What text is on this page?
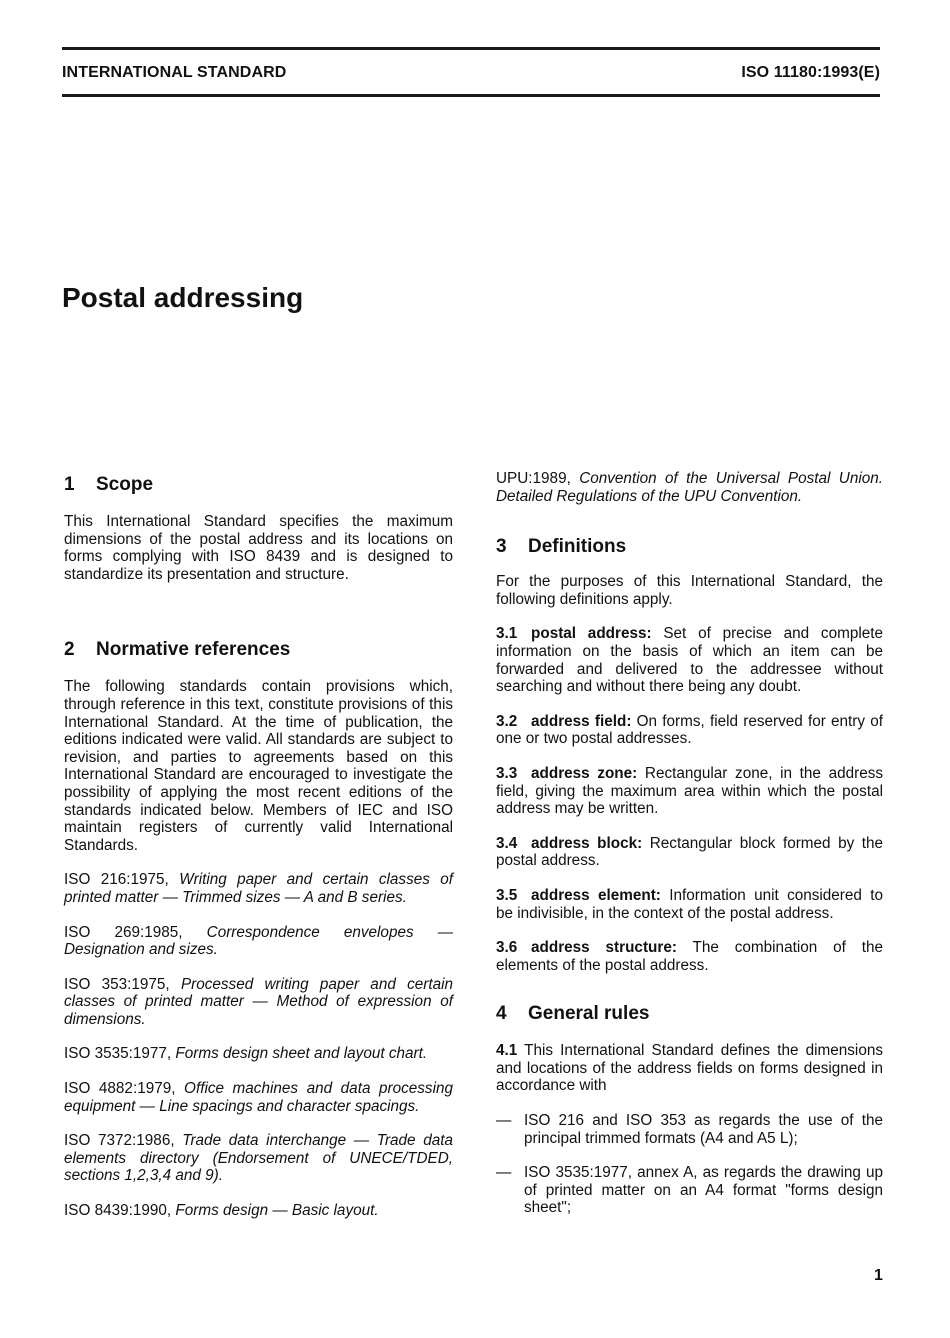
INTERNATIONAL STANDARD	ISO 11180:1993(E)
Postal addressing
1 Scope

This International Standard specifies the maximum dimensions of the postal address and its locations on forms complying with ISO 8439 and is designed to standardize its presentation and structure.

2 Normative references

The following standards contain provisions which, through reference in this text, constitute provisions of this International Standard. At the time of publication, the editions indicated were valid. All standards are subject to revision, and parties to agreements based on this International Standard are encouraged to investigate the possibility of applying the most recent editions of the standards indicated below. Members of IEC and ISO maintain registers of currently valid International Standards.

ISO 216:1975, Writing paper and certain classes of printed matter — Trimmed sizes — A and B series.

ISO 269:1985, Correspondence envelopes — Designation and sizes.

ISO 353:1975, Processed writing paper and certain classes of printed matter — Method of expression of dimensions.

ISO 3535:1977, Forms design sheet and layout chart.

ISO 4882:1979, Office machines and data processing equipment — Line spacings and character spacings.

ISO 7372:1986, Trade data interchange — Trade data elements directory (Endorsement of UNECE/TDED, sections 1,2,3,4 and 9).

ISO 8439:1990, Forms design — Basic layout.

UPU:1989, Convention of the Universal Postal Union. Detailed Regulations of the UPU Convention.

3 Definitions

For the purposes of this International Standard, the following definitions apply.

3.1 postal address: Set of precise and complete information on the basis of which an item can be forwarded and delivered to the addressee without searching and without there being any doubt.

3.2 address field: On forms, field reserved for entry of one or two postal addresses.

3.3 address zone: Rectangular zone, in the address field, giving the maximum area within which the postal address may be written.

3.4 address block: Rectangular block formed by the postal address.

3.5 address element: Information unit considered to be indivisible, in the context of the postal address.

3.6 address structure: The combination of the elements of the postal address.

4 General rules

4.1 This International Standard defines the dimensions and locations of the address fields on forms designed in accordance with

— ISO 216 and ISO 353 as regards the use of the principal trimmed formats (A4 and A5 L);
— ISO 3535:1977, annex A, as regards the drawing up of printed matter on an A4 format "forms design sheet";
1
